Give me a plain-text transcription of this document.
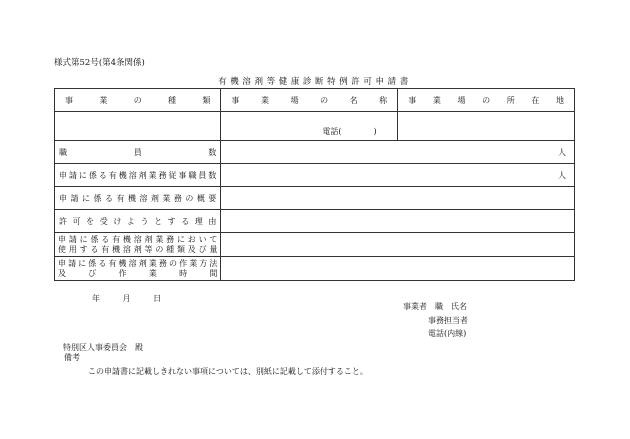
様式第52号(第4条関係)
有機溶剤等健康診断特例許可申請書
事業の種類	事業場の名称	事業場の所在地
	電話(　　　　)	
職員数	人	
申請に係る有機溶剤業務従事職員数	人	
申請に係る有機溶剤業務の概要		
許可を受けようとする理由		

申請に係る有機溶剤業務において
使用する有機溶剤等の種類及び量		

申請に係る有機溶剤業務の作業方法
及び作業時間		

年	月	日
事業者　職　氏名
事務担当者
電話(内線)
特別区人事委員会　殿
備考
この申請書に記載しきれない事項については、別紙に記載して添付すること。
